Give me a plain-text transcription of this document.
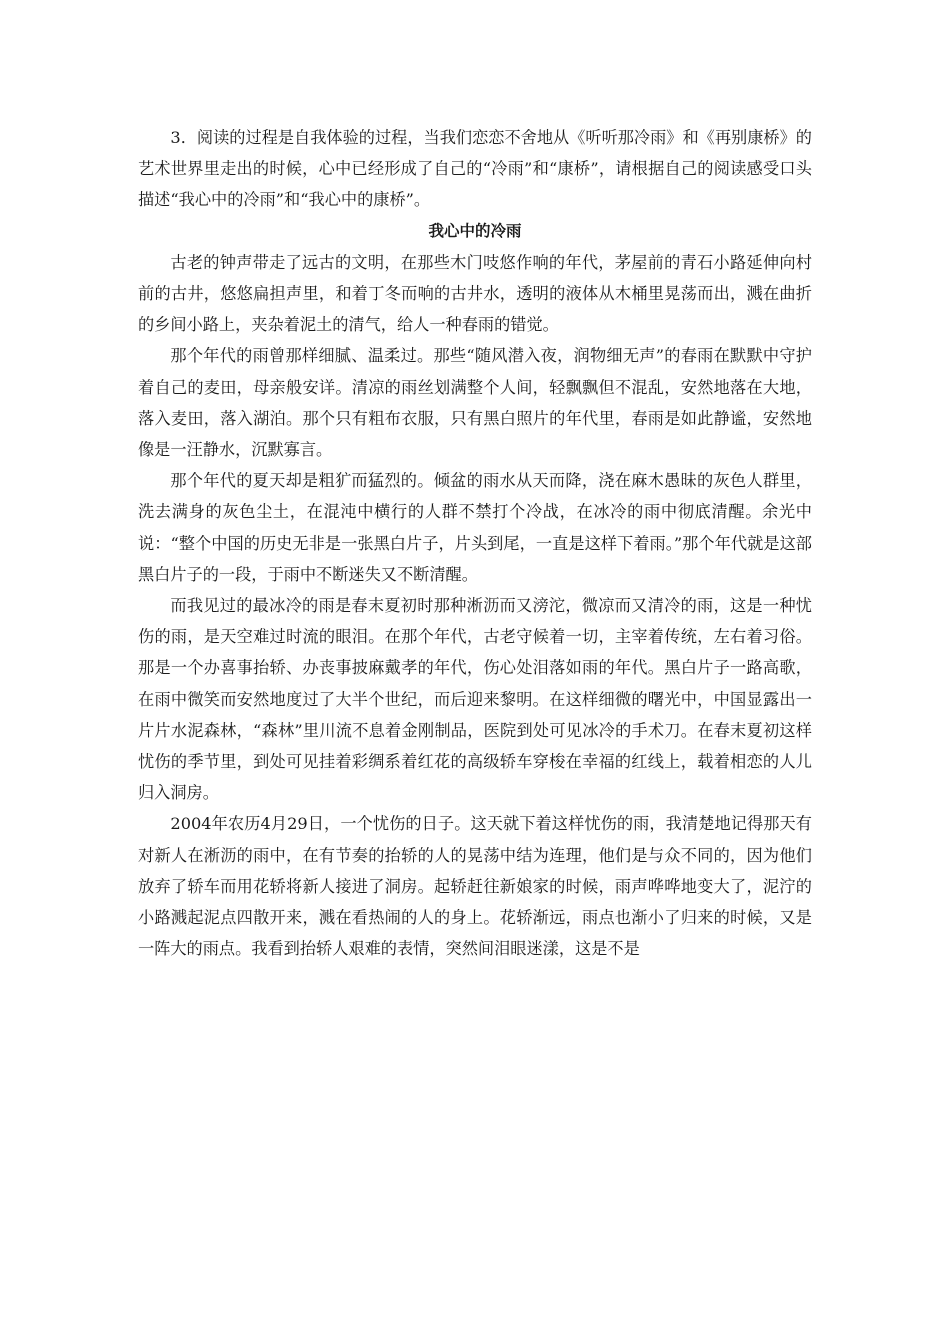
3．阅读的过程是自我体验的过程，当我们恋恋不舍地从《听听那冷雨》和《再别康桥》的艺术世界里走出的时候，心中已经形成了自己的“冷雨”和“康桥”，请根据自己的阅读感受口头描述“我心中的冷雨”和“我心中的康桥”。

我心中的冷雨

古老的钟声带走了远古的文明，在那些木门吱悠作响的年代，茅屋前的青石小路延伸向村前的古井，悠悠扁担声里，和着丁冬而响的古井水，透明的液体从木桶里晃荡而出，溅在曲折的乡间小路上，夹杂着泥土的清气，给人一种春雨的错觉。

那个年代的雨曾那样细腻、温柔过。那些“随风潜入夜，润物细无声”的春雨在默默中守护着自己的麦田，母亲般安详。清凉的雨丝划满整个人间，轻飘飘但不混乱，安然地落在大地，落入麦田，落入湖泊。那个只有粗布衣服，只有黑白照片的年代里，春雨是如此静谧，安然地像是一汪静水，沉默寡言。

那个年代的夏天却是粗犷而猛烈的。倾盆的雨水从天而降，浇在麻木愚昧的灰色人群里，洗去满身的灰色尘土，在混沌中横行的人群不禁打个冷战，在冰冷的雨中彻底清醒。余光中说：“整个中国的历史无非是一张黑白片子，片头到尾，一直是这样下着雨。”那个年代就是这部黑白片子的一段，于雨中不断迷失又不断清醒。

而我见过的最冰冷的雨是春末夏初时那种淅沥而又滂沱，微凉而又清冷的雨，这是一种忧伤的雨，是天空难过时流的眼泪。在那个年代，古老守候着一切，主宰着传统，左右着习俗。那是一个办喜事抬轿、办丧事披麻戴孝的年代，伤心处泪落如雨的年代。黑白片子一路高歌，在雨中微笑而安然地度过了大半个世纪，而后迎来黎明。在这样细微的曙光中，中国显露出一片片水泥森林，“森林”里川流不息着金刚制品，医院到处可见冰冷的手术刀。在春末夏初这样忧伤的季节里，到处可见挂着彩绸系着红花的高级轿车穿梭在幸福的红线上，载着相恋的人儿归入洞房。

2004年农历4月29日，一个忧伤的日子。这天就下着这样忧伤的雨，我清楚地记得那天有对新人在淅沥的雨中，在有节奏的抬轿的人的晃荡中结为连理，他们是与众不同的，因为他们放弃了轿车而用花轿将新人接进了洞房。起轿赶往新娘家的时候，雨声哗哗地变大了，泥泞的小路溅起泥点四散开来，溅在看热闹的人的身上。花轿渐远，雨点也渐小了归来的时候，又是一阵大的雨点。我看到抬轿人艰难的表情，突然间泪眼迷漾，这是不是
